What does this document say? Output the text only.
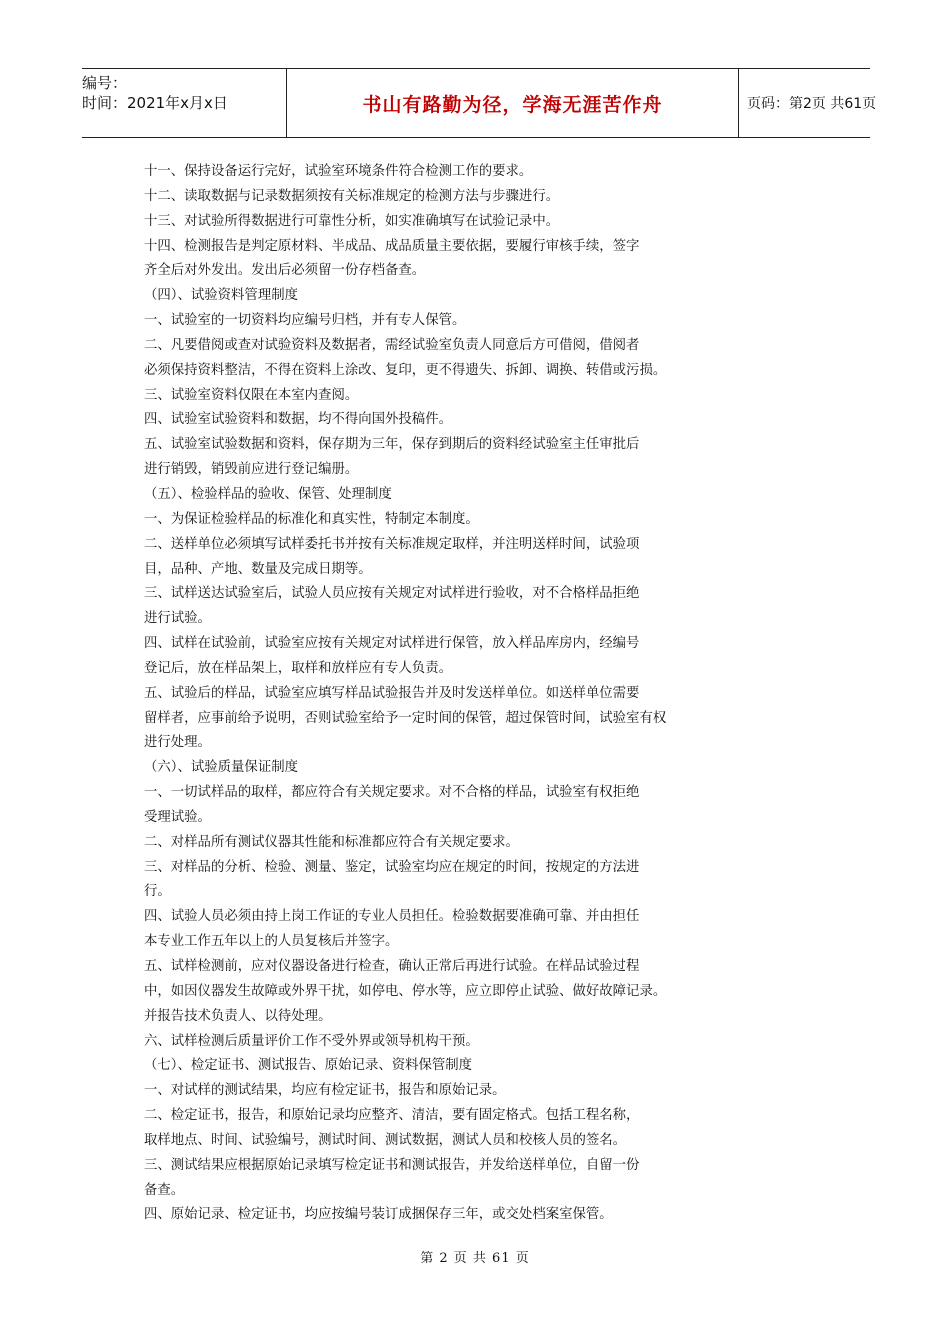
编号：
时间：2021年x月x日	书山有路勤为径，学海无涯苦作舟	页码：第2页 共61页
十一、保持设备运行完好，试验室环境条件符合检测工作的要求。
十二、读取数据与记录数据须按有关标准规定的检测方法与步骤进行。
十三、对试验所得数据进行可靠性分析，如实准确填写在试验记录中。
十四、检测报告是判定原材料、半成品、成品质量主要依据，要履行审核手续，签字
齐全后对外发出。发出后必须留一份存档备查。
（四）、试验资料管理制度
一、试验室的一切资料均应编号归档，并有专人保管。
二、凡要借阅或查对试验资料及数据者，需经试验室负责人同意后方可借阅，借阅者
必须保持资料整洁，不得在资料上涂改、复印，更不得遗失、拆卸、调换、转借或污损。
三、试验室资料仅限在本室内查阅。
四、试验室试验资料和数据，均不得向国外投稿件。
五、试验室试验数据和资料，保存期为三年，保存到期后的资料经试验室主任审批后
进行销毁，销毁前应进行登记编册。
（五）、检验样品的验收、保管、处理制度
一、为保证检验样品的标准化和真实性，特制定本制度。
二、送样单位必须填写试样委托书并按有关标准规定取样，并注明送样时间，试验项
目，品种、产地、数量及完成日期等。
三、试样送达试验室后，试验人员应按有关规定对试样进行验收，对不合格样品拒绝
进行试验。
四、试样在试验前，试验室应按有关规定对试样进行保管，放入样品库房内，经编号
登记后，放在样品架上，取样和放样应有专人负责。
五、试验后的样品，试验室应填写样品试验报告并及时发送样单位。如送样单位需要
留样者，应事前给予说明，否则试验室给予一定时间的保管，超过保管时间，试验室有权
进行处理。
（六）、试验质量保证制度
一、一切试样品的取样，都应符合有关规定要求。对不合格的样品，试验室有权拒绝
受理试验。
二、对样品所有测试仪器其性能和标准都应符合有关规定要求。
三、对样品的分析、检验、测量、鉴定，试验室均应在规定的时间，按规定的方法进
行。
四、试验人员必须由持上岗工作证的专业人员担任。检验数据要准确可靠、并由担任
本专业工作五年以上的人员复核后并签字。
五、试样检测前，应对仪器设备进行检查，确认正常后再进行试验。在样品试验过程
中，如因仪器发生故障或外界干扰，如停电、停水等，应立即停止试验、做好故障记录。
并报告技术负责人、以待处理。
六、试样检测后质量评价工作不受外界或领导机构干预。
（七）、检定证书、测试报告、原始记录、资料保管制度
一、对试样的测试结果，均应有检定证书，报告和原始记录。
二、检定证书，报告，和原始记录均应整齐、清洁，要有固定格式。包括工程名称，
取样地点、时间、试验编号，测试时间、测试数据，测试人员和校核人员的签名。
三、测试结果应根据原始记录填写检定证书和测试报告，并发给送样单位，自留一份
备查。
四、原始记录、检定证书，均应按编号装订成捆保存三年，或交处档案室保管。
第 2 页 共 61 页
